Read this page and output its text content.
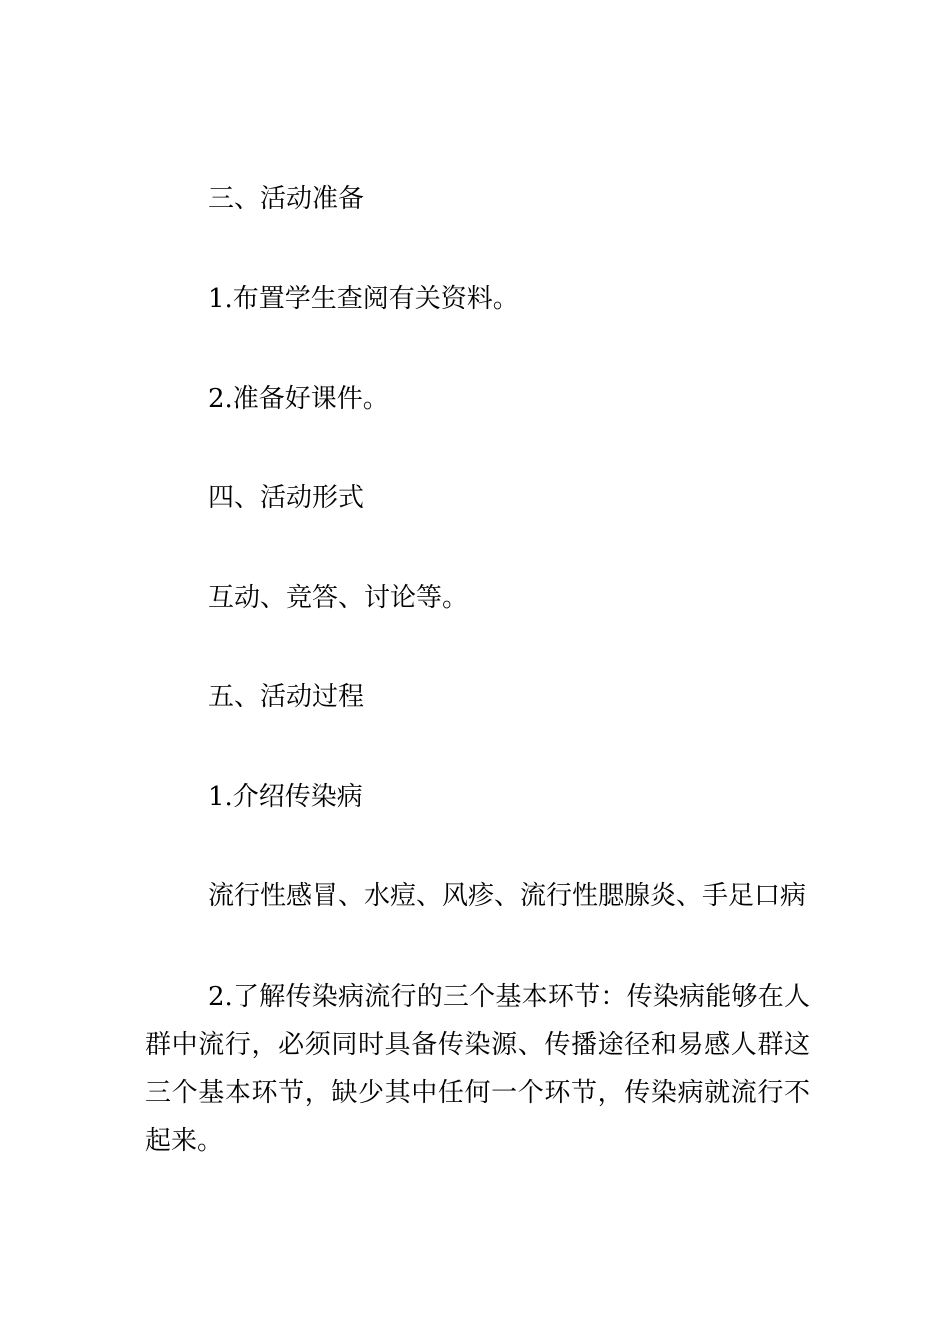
三、活动准备
1.布置学生查阅有关资料。
2.准备好课件。
四、活动形式
互动、竞答、讨论等。
五、活动过程
1.介绍传染病
流行性感冒、水痘、风疹、流行性腮腺炎、手足口病
2.了解传染病流行的三个基本环节：传染病能够在人群中流行，必须同时具备传染源、传播途径和易感人群这三个基本环节，缺少其中任何一个环节，传染病就流行不起来。
